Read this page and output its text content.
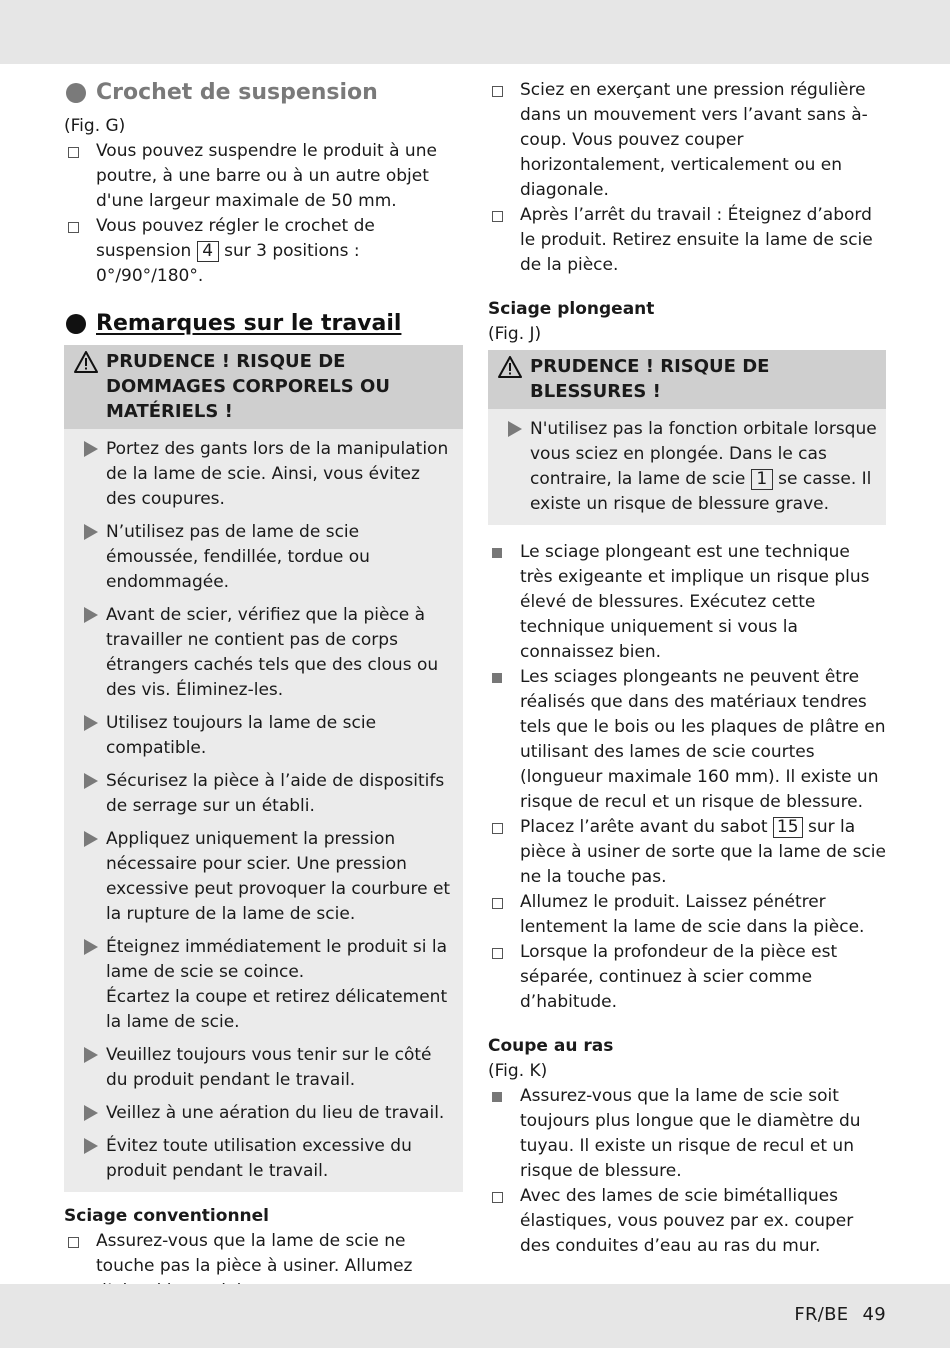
Crochet de suspension
(Fig. G)
Vous pouvez suspendre le produit à une poutre, à une barre ou à un autre objet d'une largeur maximale de 50 mm.
Vous pouvez régler le crochet de suspension 4 sur 3 positions : 0°/90°/180°.
Remarques sur le travail
PRUDENCE ! RISQUE DE DOMMAGES CORPORELS OU MATÉRIELS !
Portez des gants lors de la manipulation de la lame de scie. Ainsi, vous évitez des coupures.
N’utilisez pas de lame de scie émoussée, fendillée, tordue ou endommagée.
Avant de scier, vérifiez que la pièce à travailler ne contient pas de corps étrangers cachés tels que des clous ou des vis. Éliminez-les.
Utilisez toujours la lame de scie compatible.
Sécurisez la pièce à l’aide de dispositifs de serrage sur un établi.
Appliquez uniquement la pression nécessaire pour scier. Une pression excessive peut provoquer la courbure et la rupture de la lame de scie.
Éteignez immédiatement le produit si la lame de scie se coince.
Écartez la coupe et retirez délicatement la lame de scie.
Veuillez toujours vous tenir sur le côté du produit pendant le travail.
Veillez à une aération du lieu de travail.
Évitez toute utilisation excessive du produit pendant le travail.
Sciage conventionnel
Assurez-vous que la lame de scie ne touche pas la pièce à usiner. Allumez
Sciez en exerçant une pression régulière dans un mouvement vers l’avant sans à-coup. Vous pouvez couper horizontalement, verticalement ou en diagonale.
Après l’arrêt du travail : Éteignez d’abord le produit. Retirez ensuite la lame de scie de la pièce.
Sciage plongeant
(Fig. J)
PRUDENCE ! RISQUE DE BLESSURES !
N'utilisez pas la fonction orbitale lorsque vous sciez en plongée. Dans le cas contraire, la lame de scie 1 se casse. Il existe un risque de blessure grave.
Le sciage plongeant est une technique très exigeante et implique un risque plus élevé de blessures. Exécutez cette technique uniquement si vous la connaissez bien.
Les sciages plongeants ne peuvent être réalisés que dans des matériaux tendres tels que le bois ou les plaques de plâtre en utilisant des lames de scie courtes (longueur maximale 160 mm). Il existe un risque de recul et un risque de blessure.
Placez l’arête avant du sabot 15 sur la pièce à usiner de sorte que la lame de scie ne la touche pas.
Allumez le produit. Laissez pénétrer lentement la lame de scie dans la pièce.
Lorsque la profondeur de la pièce est séparée, continuez à scier comme d’habitude.
Coupe au ras
(Fig. K)
Assurez-vous que la lame de scie soit toujours plus longue que le diamètre du tuyau. Il existe un risque de recul et un risque de blessure.
Avec des lames de scie bimétalliques élastiques, vous pouvez par ex. couper des conduites d’eau au ras du mur.
FR/BE 49
